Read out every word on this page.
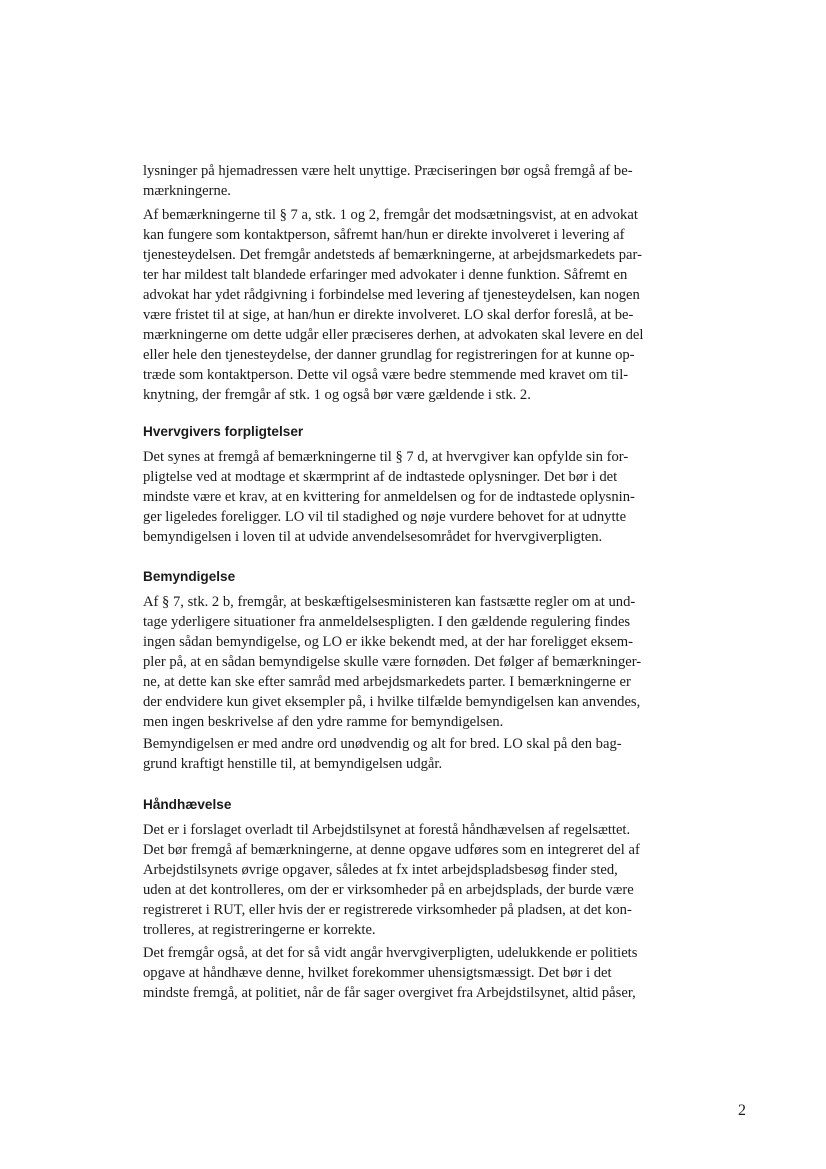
lysninger på hjemadressen være helt unyttige. Præciseringen bør også fremgå af be-
mærkningerne.

Af bemærkningerne til § 7 a, stk. 1 og 2, fremgår det modsætningsvist, at en advokat
kan fungere som kontaktperson, såfremt han/hun er direkte involveret i levering af
tjenesteydelsen. Det fremgår andetsteds af bemærkningerne, at arbejdsmarkedets par-
ter har mildest talt blandede erfaringer med advokater i denne funktion. Såfremt en
advokat har ydet rådgivning i forbindelse med levering af tjenesteydelsen, kan nogen
være fristet til at sige, at han/hun er direkte involveret. LO skal derfor foreslå, at be-
mærkningerne om dette udgår eller præciseres derhen, at advokaten skal levere en del
eller hele den tjenesteydelse, der danner grundlag for registreringen for at kunne op-
træde som kontaktperson. Dette vil også være bedre stemmende med kravet om til-
knytning, der fremgår af stk. 1 og også bør være gældende i stk. 2.

Hvervgivers forpligtelser

Det synes at fremgå af bemærkningerne til § 7 d, at hvervgiver kan opfylde sin for-
pligtelse ved at modtage et skærmprint af de indtastede oplysninger. Det bør i det
mindste være et krav, at en kvittering for anmeldelsen og for de indtastede oplysnin-
ger ligeledes foreligger. LO vil til stadighed og nøje vurdere behovet for at udnytte
bemyndigelsen i loven til at udvide anvendelsesområdet for hvervgiverpligten.

Bemyndigelse

Af § 7, stk. 2 b, fremgår, at beskæftigelsesministeren kan fastsætte regler om at und-
tage yderligere situationer fra anmeldelsespligten. I den gældende regulering findes
ingen sådan bemyndigelse, og LO er ikke bekendt med, at der har foreligget eksem-
pler på, at en sådan bemyndigelse skulle være fornøden. Det følger af bemærkninger-
ne, at dette kan ske efter samråd med arbejdsmarkedets parter. I bemærkningerne er
der endvidere kun givet eksempler på, i hvilke tilfælde bemyndigelsen kan anvendes,
men ingen beskrivelse af den ydre ramme for bemyndigelsen.

Bemyndigelsen er med andre ord unødvendig og alt for bred. LO skal på den bag-
grund kraftigt henstille til, at bemyndigelsen udgår.

Håndhævelse

Det er i forslaget overladt til Arbejdstilsynet at forestå håndhævelsen af regelsættet.
Det bør fremgå af bemærkningerne, at denne opgave udføres som en integreret del af
Arbejdstilsynets øvrige opgaver, således at fx intet arbejdspladsbesøg finder sted,
uden at det kontrolleres, om der er virksomheder på en arbejdsplads, der burde være
registreret i RUT, eller hvis der er registrerede virksomheder på pladsen, at det kon-
trolleres, at registreringerne er korrekte.

Det fremgår også, at det for så vidt angår hvervgiverpligten, udelukkende er politiets
opgave at håndhæve denne, hvilket forekommer uhensigtsmæssigt. Det bør i det
mindste fremgå, at politiet, når de får sager overgivet fra Arbejdstilsynet, altid påser,

2
